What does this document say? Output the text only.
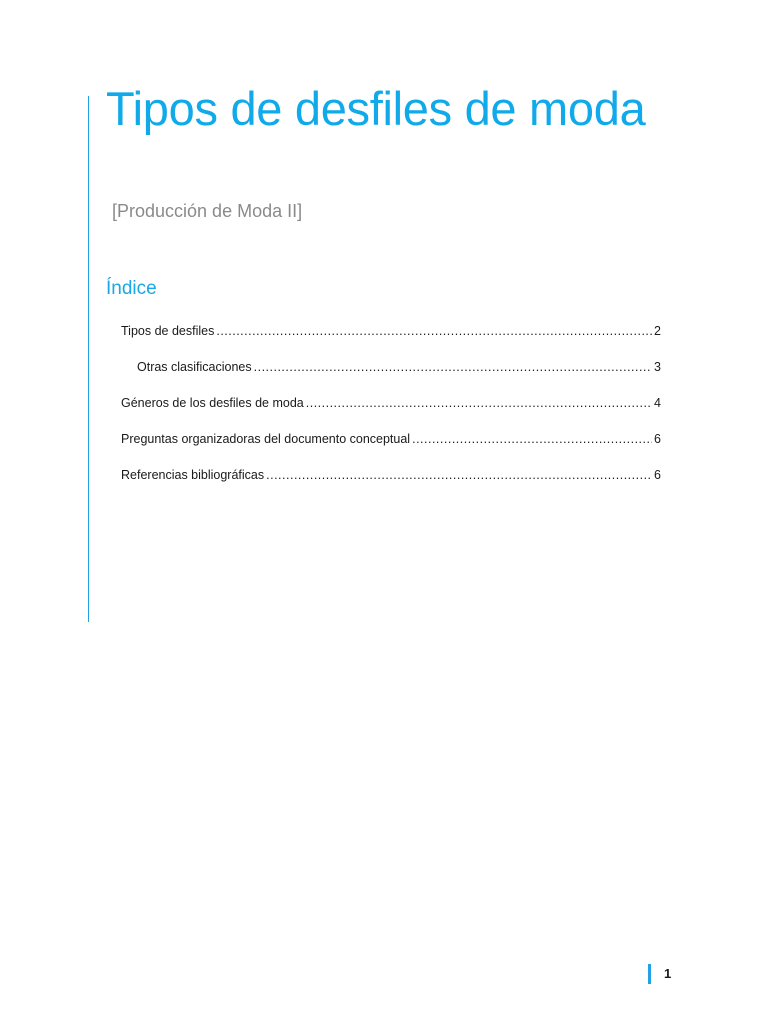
Tipos de desfiles de moda

[Producción de Moda II]

Índice
Tipos de desfiles .....	2
Otras clasificaciones .....	3
Géneros de los desfiles de moda .....	4
Preguntas organizadoras del documento conceptual .....	6
Referencias bibliográficas .....	6
1
